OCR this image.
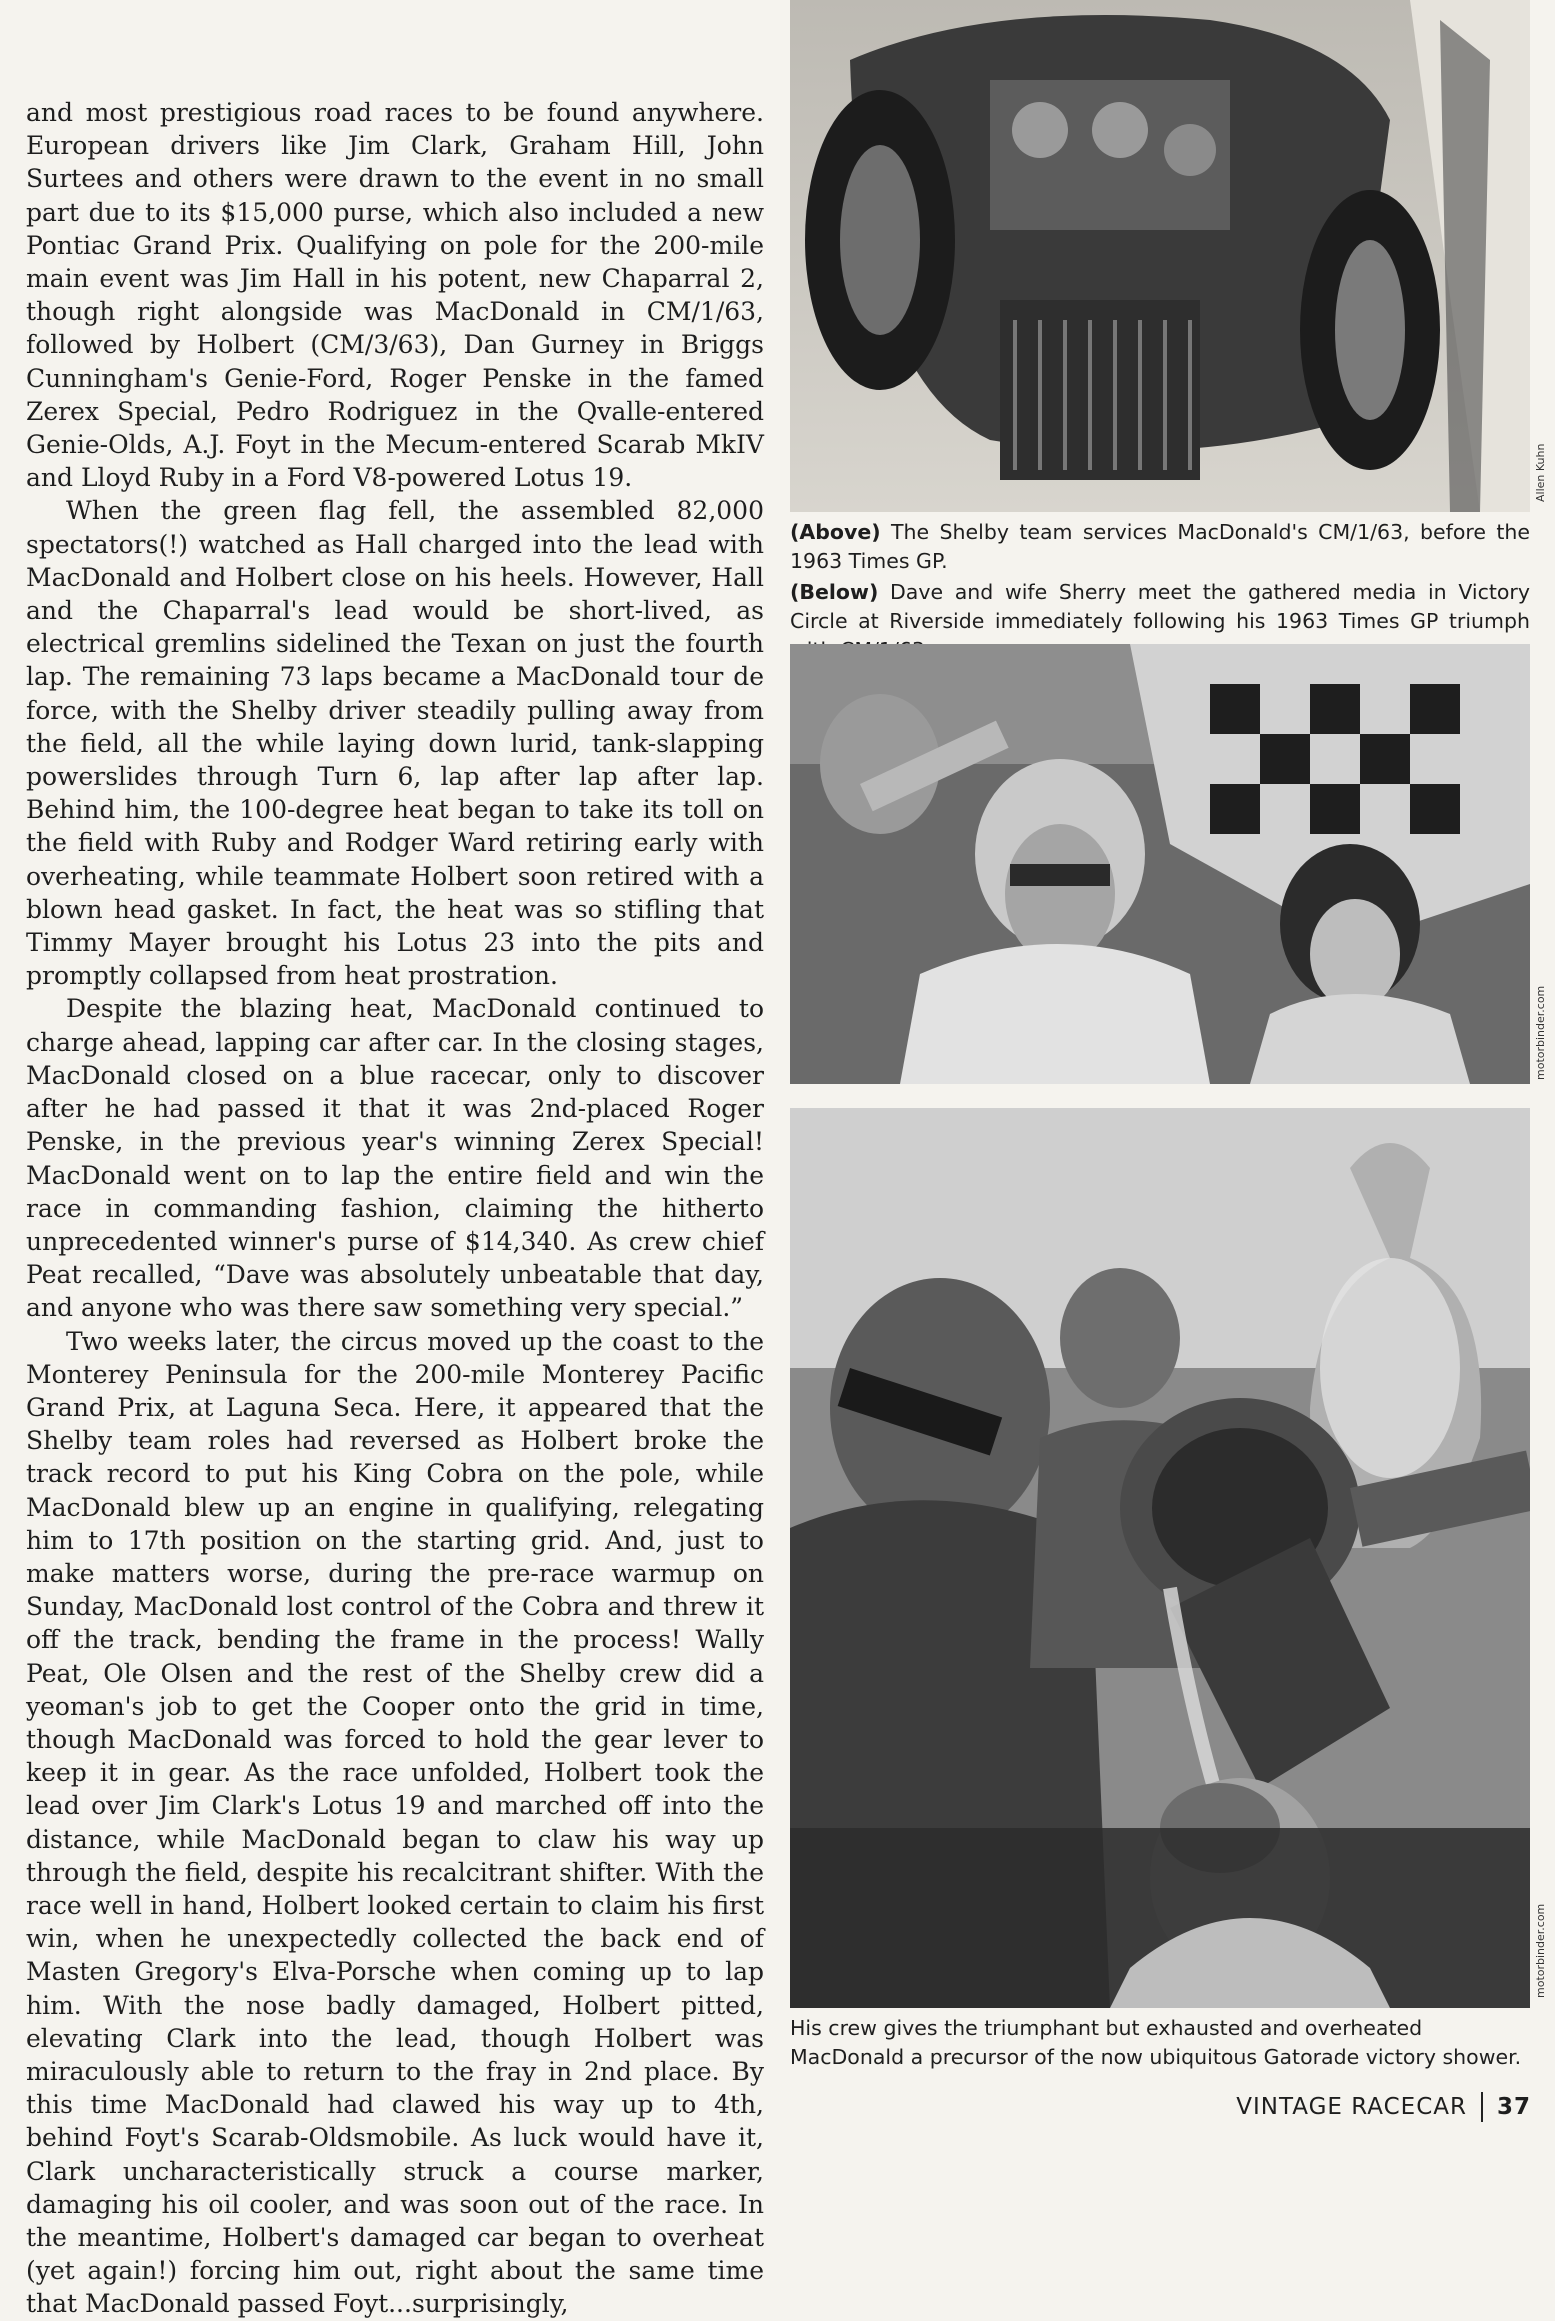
and most prestigious road races to be found anywhere. European drivers like Jim Clark, Graham Hill, John Surtees and others were drawn to the event in no small part due to its $15,000 purse, which also included a new Pontiac Grand Prix. Qualifying on pole for the 200-mile main event was Jim Hall in his potent, new Chaparral 2, though right alongside was MacDonald in CM/1/63, followed by Holbert (CM/3/63), Dan Gurney in Briggs Cunningham's Genie-Ford, Roger Penske in the famed Zerex Special, Pedro Rodriguez in the Qvalle-entered Genie-Olds, A.J. Foyt in the Mecum-entered Scarab MkIV and Lloyd Ruby in a Ford V8-powered Lotus 19.

When the green flag fell, the assembled 82,000 spectators(!) watched as Hall charged into the lead with MacDonald and Holbert close on his heels. However, Hall and the Chaparral's lead would be short-lived, as electrical gremlins sidelined the Texan on just the fourth lap. The remaining 73 laps became a MacDonald tour de force, with the Shelby driver steadily pulling away from the field, all the while laying down lurid, tank-slapping powerslides through Turn 6, lap after lap after lap. Behind him, the 100-degree heat began to take its toll on the field with Ruby and Rodger Ward retiring early with overheating, while teammate Holbert soon retired with a blown head gasket. In fact, the heat was so stifling that Timmy Mayer brought his Lotus 23 into the pits and promptly collapsed from heat prostration.

Despite the blazing heat, MacDonald continued to charge ahead, lapping car after car. In the closing stages, MacDonald closed on a blue racecar, only to discover after he had passed it that it was 2nd-placed Roger Penske, in the previous year's winning Zerex Special! MacDonald went on to lap the entire field and win the race in commanding fashion, claiming the hitherto unprecedented winner's purse of $14,340. As crew chief Peat recalled, “Dave was absolutely unbeatable that day, and anyone who was there saw something very special.”

Two weeks later, the circus moved up the coast to the Monterey Peninsula for the 200-mile Monterey Pacific Grand Prix, at Laguna Seca. Here, it appeared that the Shelby team roles had reversed as Holbert broke the track record to put his King Cobra on the pole, while MacDonald blew up an engine in qualifying, relegating him to 17th position on the starting grid. And, just to make matters worse, during the pre-race warmup on Sunday, MacDonald lost control of the Cobra and threw it off the track, bending the frame in the process! Wally Peat, Ole Olsen and the rest of the Shelby crew did a yeoman's job to get the Cooper onto the grid in time, though MacDonald was forced to hold the gear lever to keep it in gear. As the race unfolded, Holbert took the lead over Jim Clark's Lotus 19 and marched off into the distance, while MacDonald began to claw his way up through the field, despite his recalcitrant shifter. With the race well in hand, Holbert looked certain to claim his first win, when he unexpectedly collected the back end of Masten Gregory's Elva-Porsche when coming up to lap him. With the nose badly damaged, Holbert pitted, elevating Clark into the lead, though Holbert was miraculously able to return to the fray in 2nd place. By this time MacDonald had clawed his way up to 4th, behind Foyt's Scarab-Oldsmobile. As luck would have it, Clark uncharacteristically struck a course marker, damaging his oil cooler, and was soon out of the race. In the meantime, Holbert's damaged car began to overheat (yet again!) forcing him out, right about the same time that MacDonald passed Foyt...surprisingly,

Allen Kuhn
(Above) The Shelby team services MacDonald's CM/1/63, before the 1963 Times GP.
(Below) Dave and wife Sherry meet the gathered media in Victory Circle at Riverside immediately following his 1963 Times GP triumph
motorbinder.com
motorbinder.com
His crew gives the triumphant but exhausted and overheated MacDonald a precursor of the now ubiquitous Gatorade victory shower.
VINTAGE RACECAR 37
